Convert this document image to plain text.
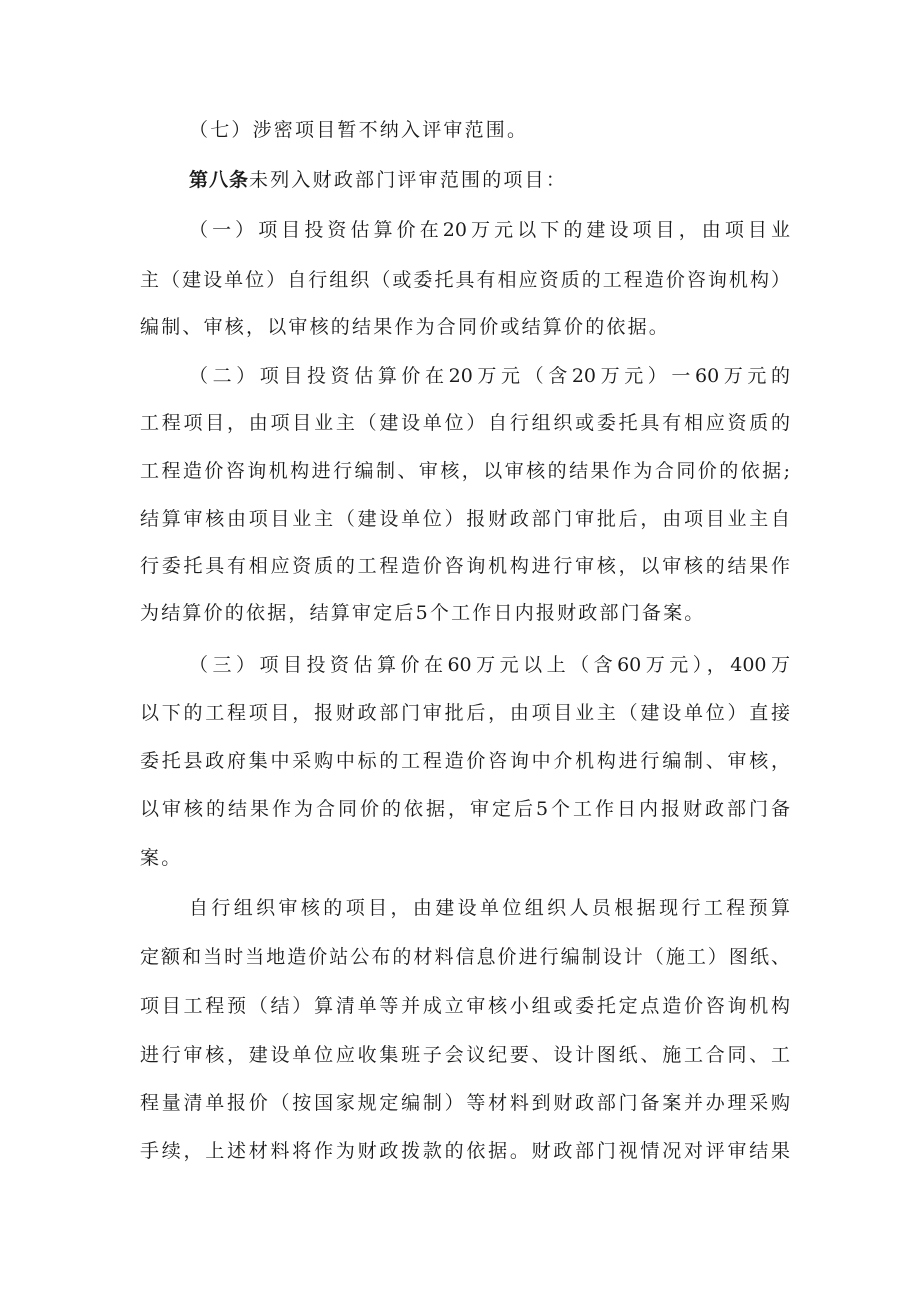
（七）涉密项目暂不纳入评审范围。

第八条未列入财政部门评审范围的项目：

（一）项目投资估算价在20万元以下的建设项目，由项目业

主（建设单位）自行组织（或委托具有相应资质的工程造价咨询机构）

编制、审核，以审核的结果作为合同价或结算价的依据。

（二）项目投资估算价在20万元（含20万元）一60万元的

工程项目，由项目业主（建设单位）自行组织或委托具有相应资质的

工程造价咨询机构进行编制、审核，以审核的结果作为合同价的依据;

结算审核由项目业主（建设单位）报财政部门审批后，由项目业主自

行委托具有相应资质的工程造价咨询机构进行审核，以审核的结果作

为结算价的依据，结算审定后5个工作日内报财政部门备案。

（三）项目投资估算价在60万元以上（含60万元），400万

以下的工程项目，报财政部门审批后，由项目业主（建设单位）直接

委托县政府集中采购中标的工程造价咨询中介机构进行编制、审核，

以审核的结果作为合同价的依据，审定后5个工作日内报财政部门备

案。

自行组织审核的项目，由建设单位组织人员根据现行工程预算

定额和当时当地造价站公布的材料信息价进行编制设计（施工）图纸、

项目工程预（结）算清单等并成立审核小组或委托定点造价咨询机构

进行审核，建设单位应收集班子会议纪要、设计图纸、施工合同、工

程量清单报价（按国家规定编制）等材料到财政部门备案并办理采购

手续，上述材料将作为财政拨款的依据。财政部门视情况对评审结果
